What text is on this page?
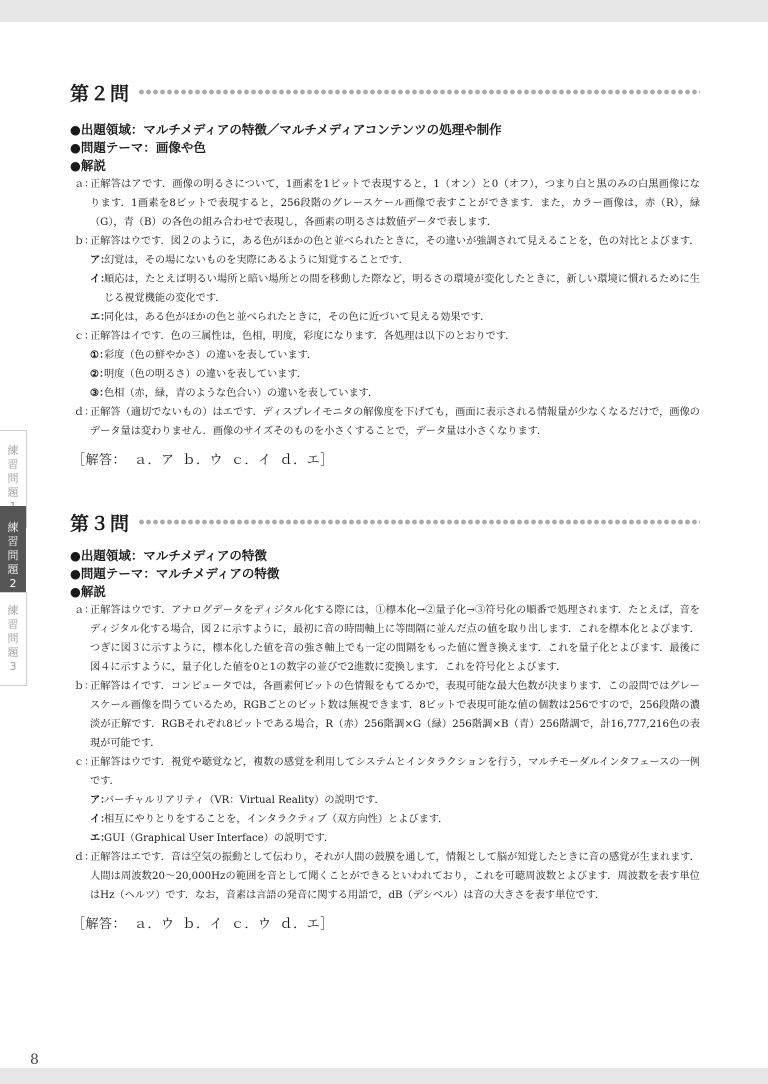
練
習
問
題
練
習
問
題
2
練
習
問
題
3
第２問
●出題領域：マルチメディアの特徴／マルチメディアコンテンツの処理や制作
●問題テーマ：画像や色
●解説
ａ：
正解答はアです．画像の明るさについて，1画素を1ビットで表現すると，1（オン）と0（オフ），つまり白と黒のみの白黒画像になります．1画素を8ビットで表現すると，256段階のグレースケール画像で表すことができます．また，カラー画像は，赤（R），緑（G），青（B）の各色の組み合わせで表現し，各画素の明るさは数値データで表します．
ｂ：
正解答はウです．図２のように，ある色がほかの色と並べられたときに，その違いが強調されて見えることを，色の対比とよびます．
ア：
幻覚は，その場にないものを実際にあるように知覚することです．
イ：
順応は，たとえば明るい場所と暗い場所との間を移動した際など，明るさの環境が変化したときに，新しい環境に慣れるために生じる視覚機能の変化です．
エ：
同化は，ある色がほかの色と並べられたときに，その色に近づいて見える効果です．
ｃ：
正解答はイです．色の三属性は，色相，明度，彩度になります．各処理は以下のとおりです．
①：
彩度（色の鮮やかさ）の違いを表しています．
②：
明度（色の明るさ）の違いを表しています．
③：
色相（赤，緑，青のような色合い）の違いを表しています．
ｄ：
正解答（適切でないもの）はエです．ディスプレイモニタの解像度を下げても，画面に表示される情報量が少なくなるだけで，画像のデータ量は変わりません．画像のサイズそのものを小さくすることで，データ量は小さくなります．
［解答： ａ．ア ｂ．ウ ｃ．イ ｄ．エ］
第３問
●出題領域：マルチメディアの特徴
●問題テーマ：マルチメディアの特徴
●解説
ａ：
正解答はウです．アナログデータをディジタル化する際には，①標本化→②量子化→③符号化の順番で処理されます．たとえば，音をディジタル化する場合，図２に示すように，最初に音の時間軸上に等間隔に並んだ点の値を取り出します．これを標本化とよびます．つぎに図３に示すように，標本化した値を音の強さ軸上でも一定の間隔をもった値に置き換えます．これを量子化とよびます．最後に図４に示すように，量子化した値を0と1の数字の並びで2進数に変換します．これを符号化とよびます．
ｂ：
正解答はイです．コンピュータでは，各画素何ビットの色情報をもてるかで，表現可能な最大色数が決まります．この設問ではグレースケール画像を問うているため，RGBごとのビット数は無視できます．8ビットで表現可能な値の個数は256ですので，256段階の濃淡が正解です．RGBそれぞれ8ビットである場合，R（赤）256階調×G（緑）256階調×B（青）256階調で，計16,777,216色の表現が可能です．
ｃ：
正解答はウです．視覚や聴覚など，複数の感覚を利用してシステムとインタラクションを行う，マルチモーダルインタフェースの一例です．
ア：
バーチャルリアリティ（VR：Virtual Reality）の説明です．
イ：
相互にやりとりをすることを，インタラクティブ（双方向性）とよびます．
エ：
GUI（Graphical User Interface）の説明です．
ｄ：
正解答はエです．音は空気の振動として伝わり，それが人間の鼓膜を通して，情報として脳が知覚したときに音の感覚が生まれます．人間は周波数20～20,000Hzの範囲を音として聞くことができるといわれており，これを可聴周波数とよびます．周波数を表す単位はHz（ヘルツ）です．なお，音素は言語の発音に関する用語で，dB（デシベル）は音の大きさを表す単位です．
［解答： ａ．ウ ｂ．イ ｃ．ウ ｄ．エ］
8
